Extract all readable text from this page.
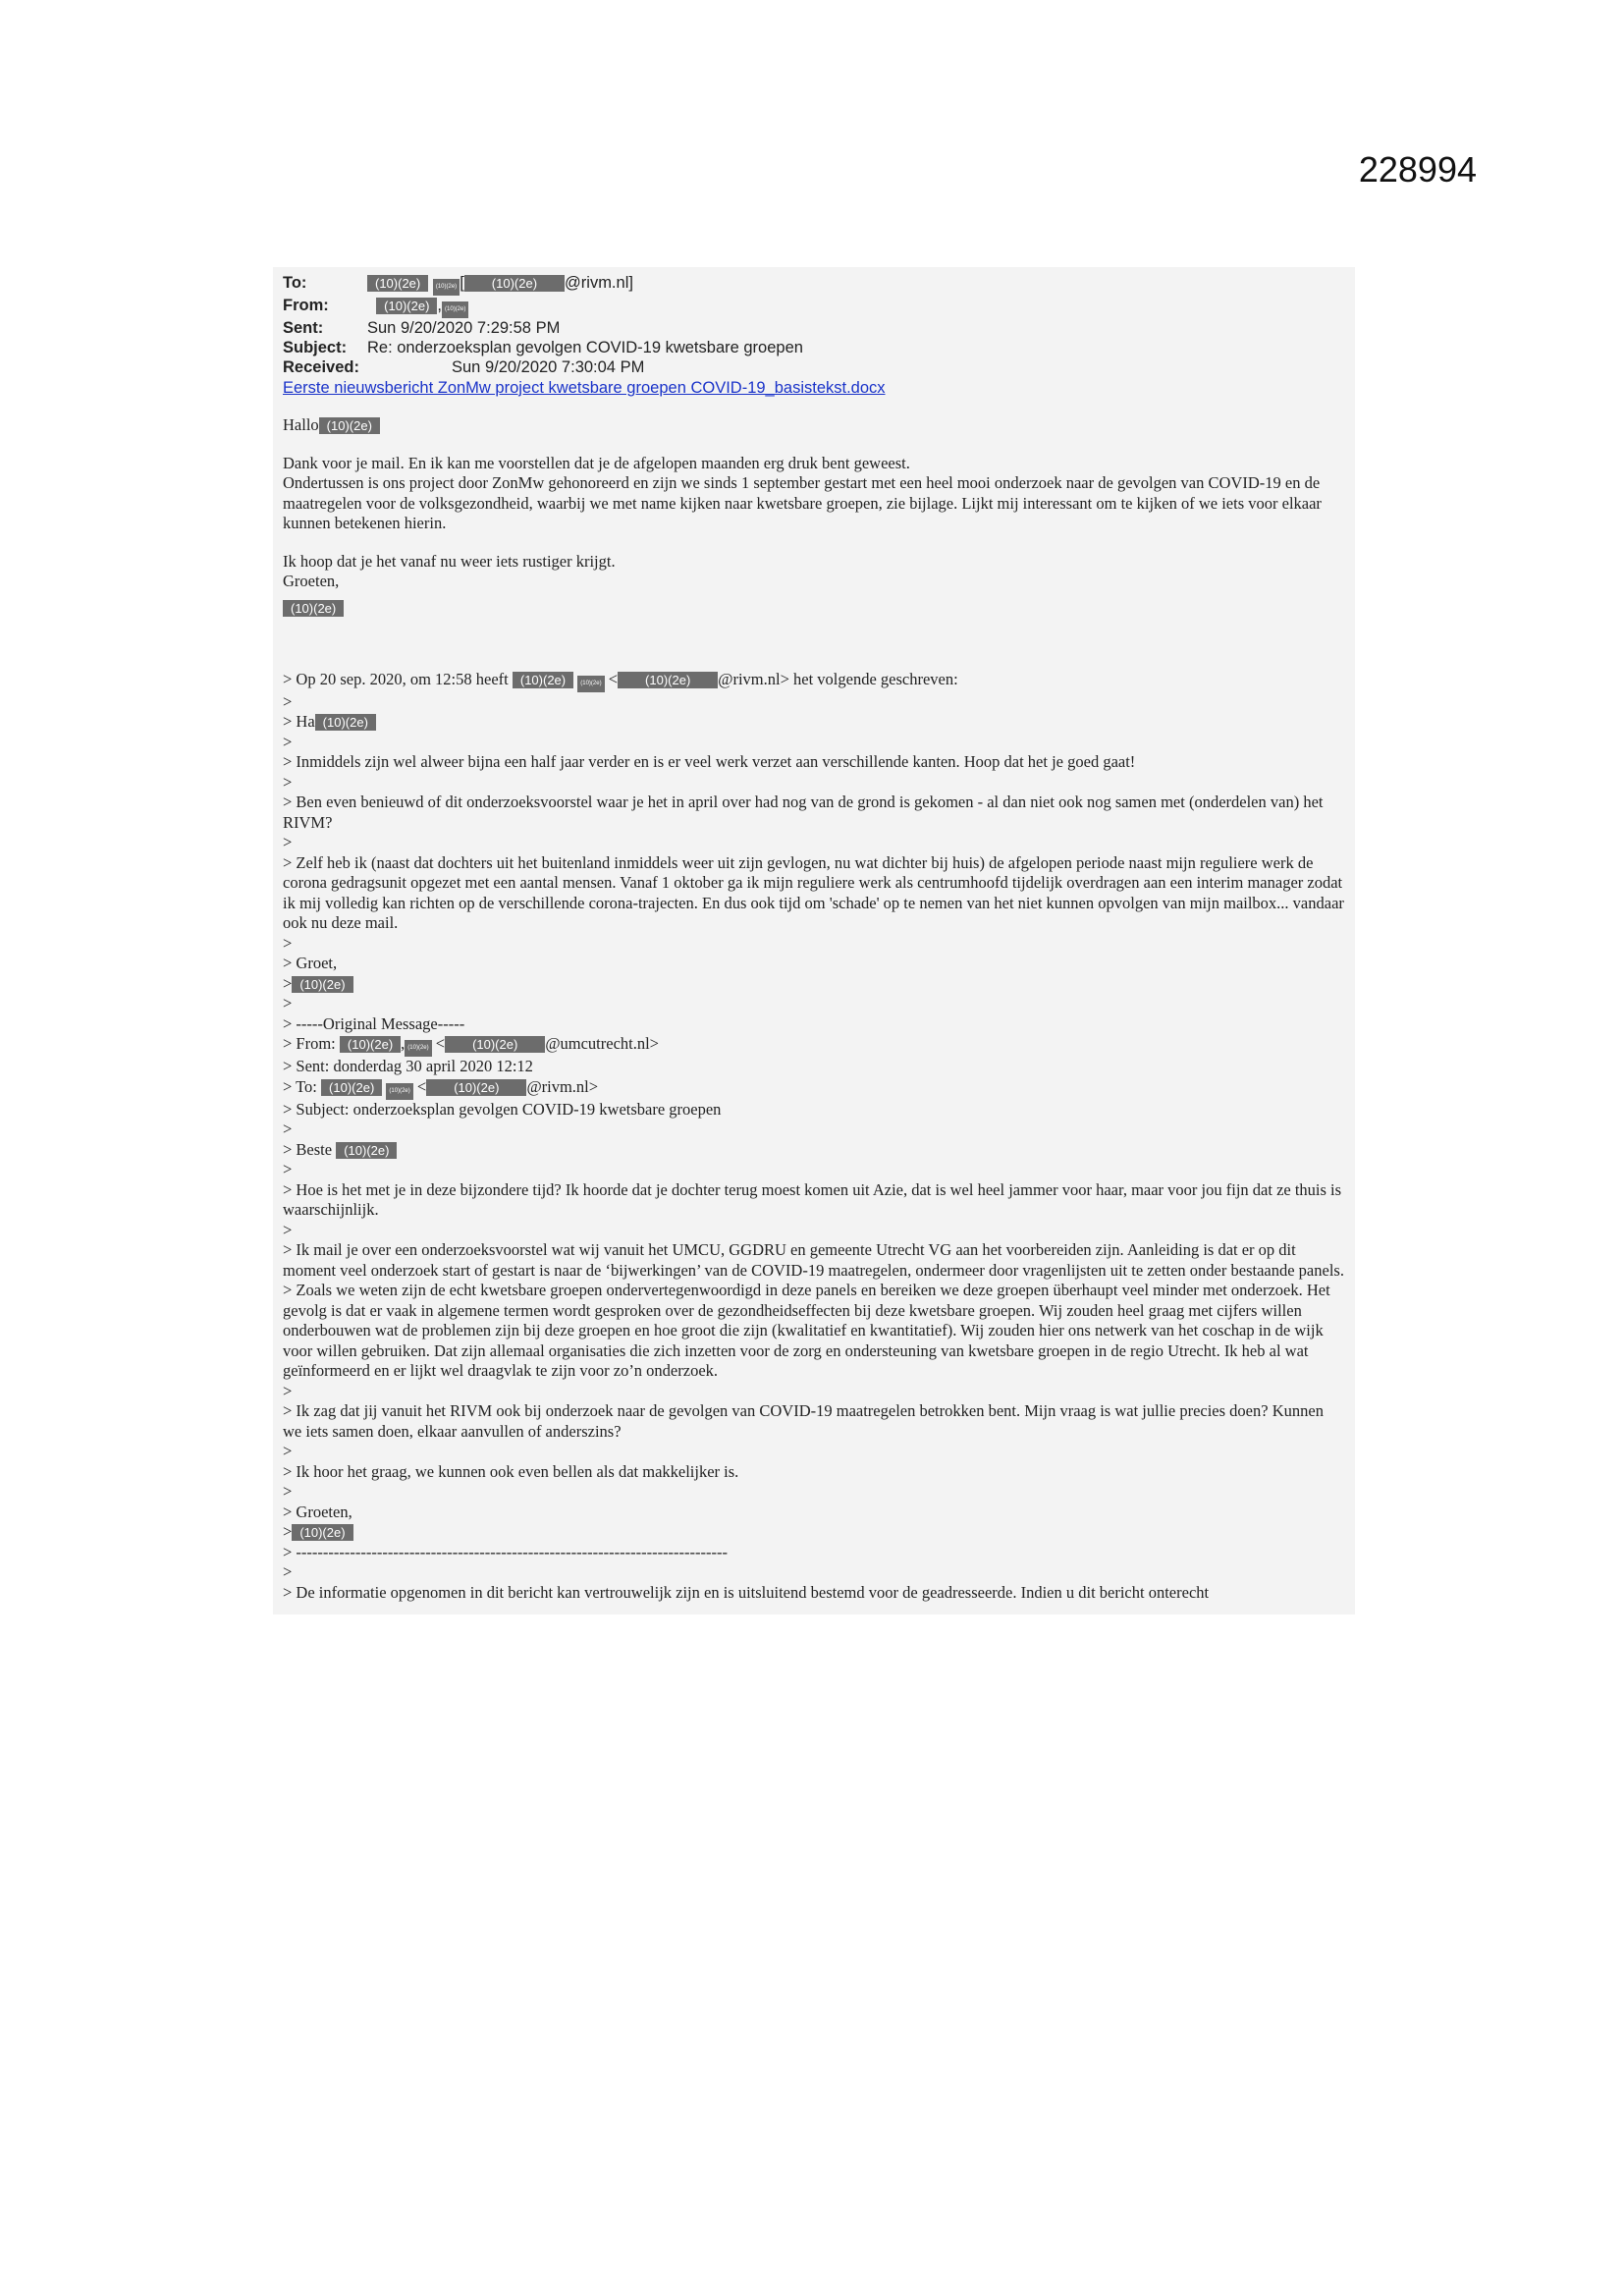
228994
To:	(10)(2e)	(10)(2e) [ (10)(2e) @rivm.nl]
From:	(10)(2e) , (10)(2e)
Sent:	Sun 9/20/2020 7:29:58 PM
Subject:	Re: onderzoeksplan gevolgen COVID-19 kwetsbare groepen
Received:	Sun 9/20/2020 7:30:04 PM
Eerste nieuwsbericht ZonMw project kwetsbare groepen COVID-19_basistekst.docx
Hallo (10)(2e)

Dank voor je mail. En ik kan me voorstellen dat je de afgelopen maanden erg druk bent geweest.

Ondertussen is ons project door ZonMw gehonoreerd en zijn we sinds 1 september gestart met een heel mooi onderzoek naar de gevolgen van COVID-19 en de maatregelen voor de volksgezondheid, waarbij we met name kijken naar kwetsbare groepen, zie bijlage. Lijkt mij interessant om te kijken of we iets voor elkaar kunnen betekenen hierin.

Ik hoop dat je het vanaf nu weer iets rustiger krijgt.

Groeten,

(10)(2e)
> Op 20 sep. 2020, om 12:58 heeft (10)(2e)	(10)(2e) < (10)(2e) @rivm.nl> het volgende geschreven:
>
> Ha (10)(2e)
>
> Inmiddels zijn wel alweer bijna een half jaar verder en is er veel werk verzet aan verschillende kanten. Hoop dat het je goed gaat!
>
> Ben even benieuwd of dit onderzoeksvoorstel waar je het in april over had nog van de grond is gekomen - al dan niet ook nog samen met (onderdelen van) het RIVM?
>
> Zelf heb ik (naast dat dochters uit het buitenland inmiddels weer uit zijn gevlogen, nu wat dichter bij huis) de afgelopen periode naast mijn reguliere werk de corona gedragsunit opgezet met een aantal mensen. Vanaf 1 oktober ga ik mijn reguliere werk als centrumhoofd tijdelijk overdragen aan een interim manager zodat ik mij volledig kan richten op de verschillende corona-trajecten. En dus ook tijd om 'schade' op te nemen van het niet kunnen opvolgen van mijn mailbox... vandaar ook nu deze mail.
>
> Groet,
> (10)(2e)
>
> -----Original Message-----
> From: (10)(2e) , (10)(2e) < (10)(2e) @umcutrecht.nl>
> Sent: donderdag 30 april 2020 12:12
> To: (10)(2e)	(10)(2e) < (10)(2e) @rivm.nl>
> Subject: onderzoeksplan gevolgen COVID-19 kwetsbare groepen
>
> Beste (10)(2e)
>
> Hoe is het met je in deze bijzondere tijd? Ik hoorde dat je dochter terug moest komen uit Azie, dat is wel heel jammer voor haar, maar voor jou fijn dat ze thuis is waarschijnlijk.
>
> Ik mail je over een onderzoeksvoorstel wat wij vanuit het UMCU, GGDRU en gemeente Utrecht VG aan het voorbereiden zijn. Aanleiding is dat er op dit moment veel onderzoek start of gestart is naar de ‘bijwerkingen’ van de COVID-19 maatregelen, ondermeer door vragenlijsten uit te zetten onder bestaande panels.
> Zoals we weten zijn de echt kwetsbare groepen ondervertegenwoordigd in deze panels en bereiken we deze groepen überhaupt veel minder met onderzoek. Het gevolg is dat er vaak in algemene termen wordt gesproken over de gezondheidseffecten bij deze kwetsbare groepen. Wij zouden heel graag met cijfers willen onderbouwen wat de problemen zijn bij deze groepen en hoe groot die zijn (kwalitatief en kwantitatief). Wij zouden hier ons netwerk van het coschap in de wijk voor willen gebruiken. Dat zijn allemaal organisaties die zich inzetten voor de zorg en ondersteuning van kwetsbare groepen in de regio Utrecht. Ik heb al wat geïnformeerd en er lijkt wel draagvlak te zijn voor zo’n onderzoek.
>
> Ik zag dat jij vanuit het RIVM ook bij onderzoek naar de gevolgen van COVID-19 maatregelen betrokken bent. Mijn vraag is wat jullie precies doen? Kunnen we iets samen doen, elkaar aanvullen of anderszins?
>
> Ik hoor het graag, we kunnen ook even bellen als dat makkelijker is.
>
> Groeten,
> (10)(2e)
> --------------------------------------------------------------------------------
>
> De informatie opgenomen in dit bericht kan vertrouwelijk zijn en is uitsluitend bestemd voor de geadresseerde. Indien u dit bericht onterecht
